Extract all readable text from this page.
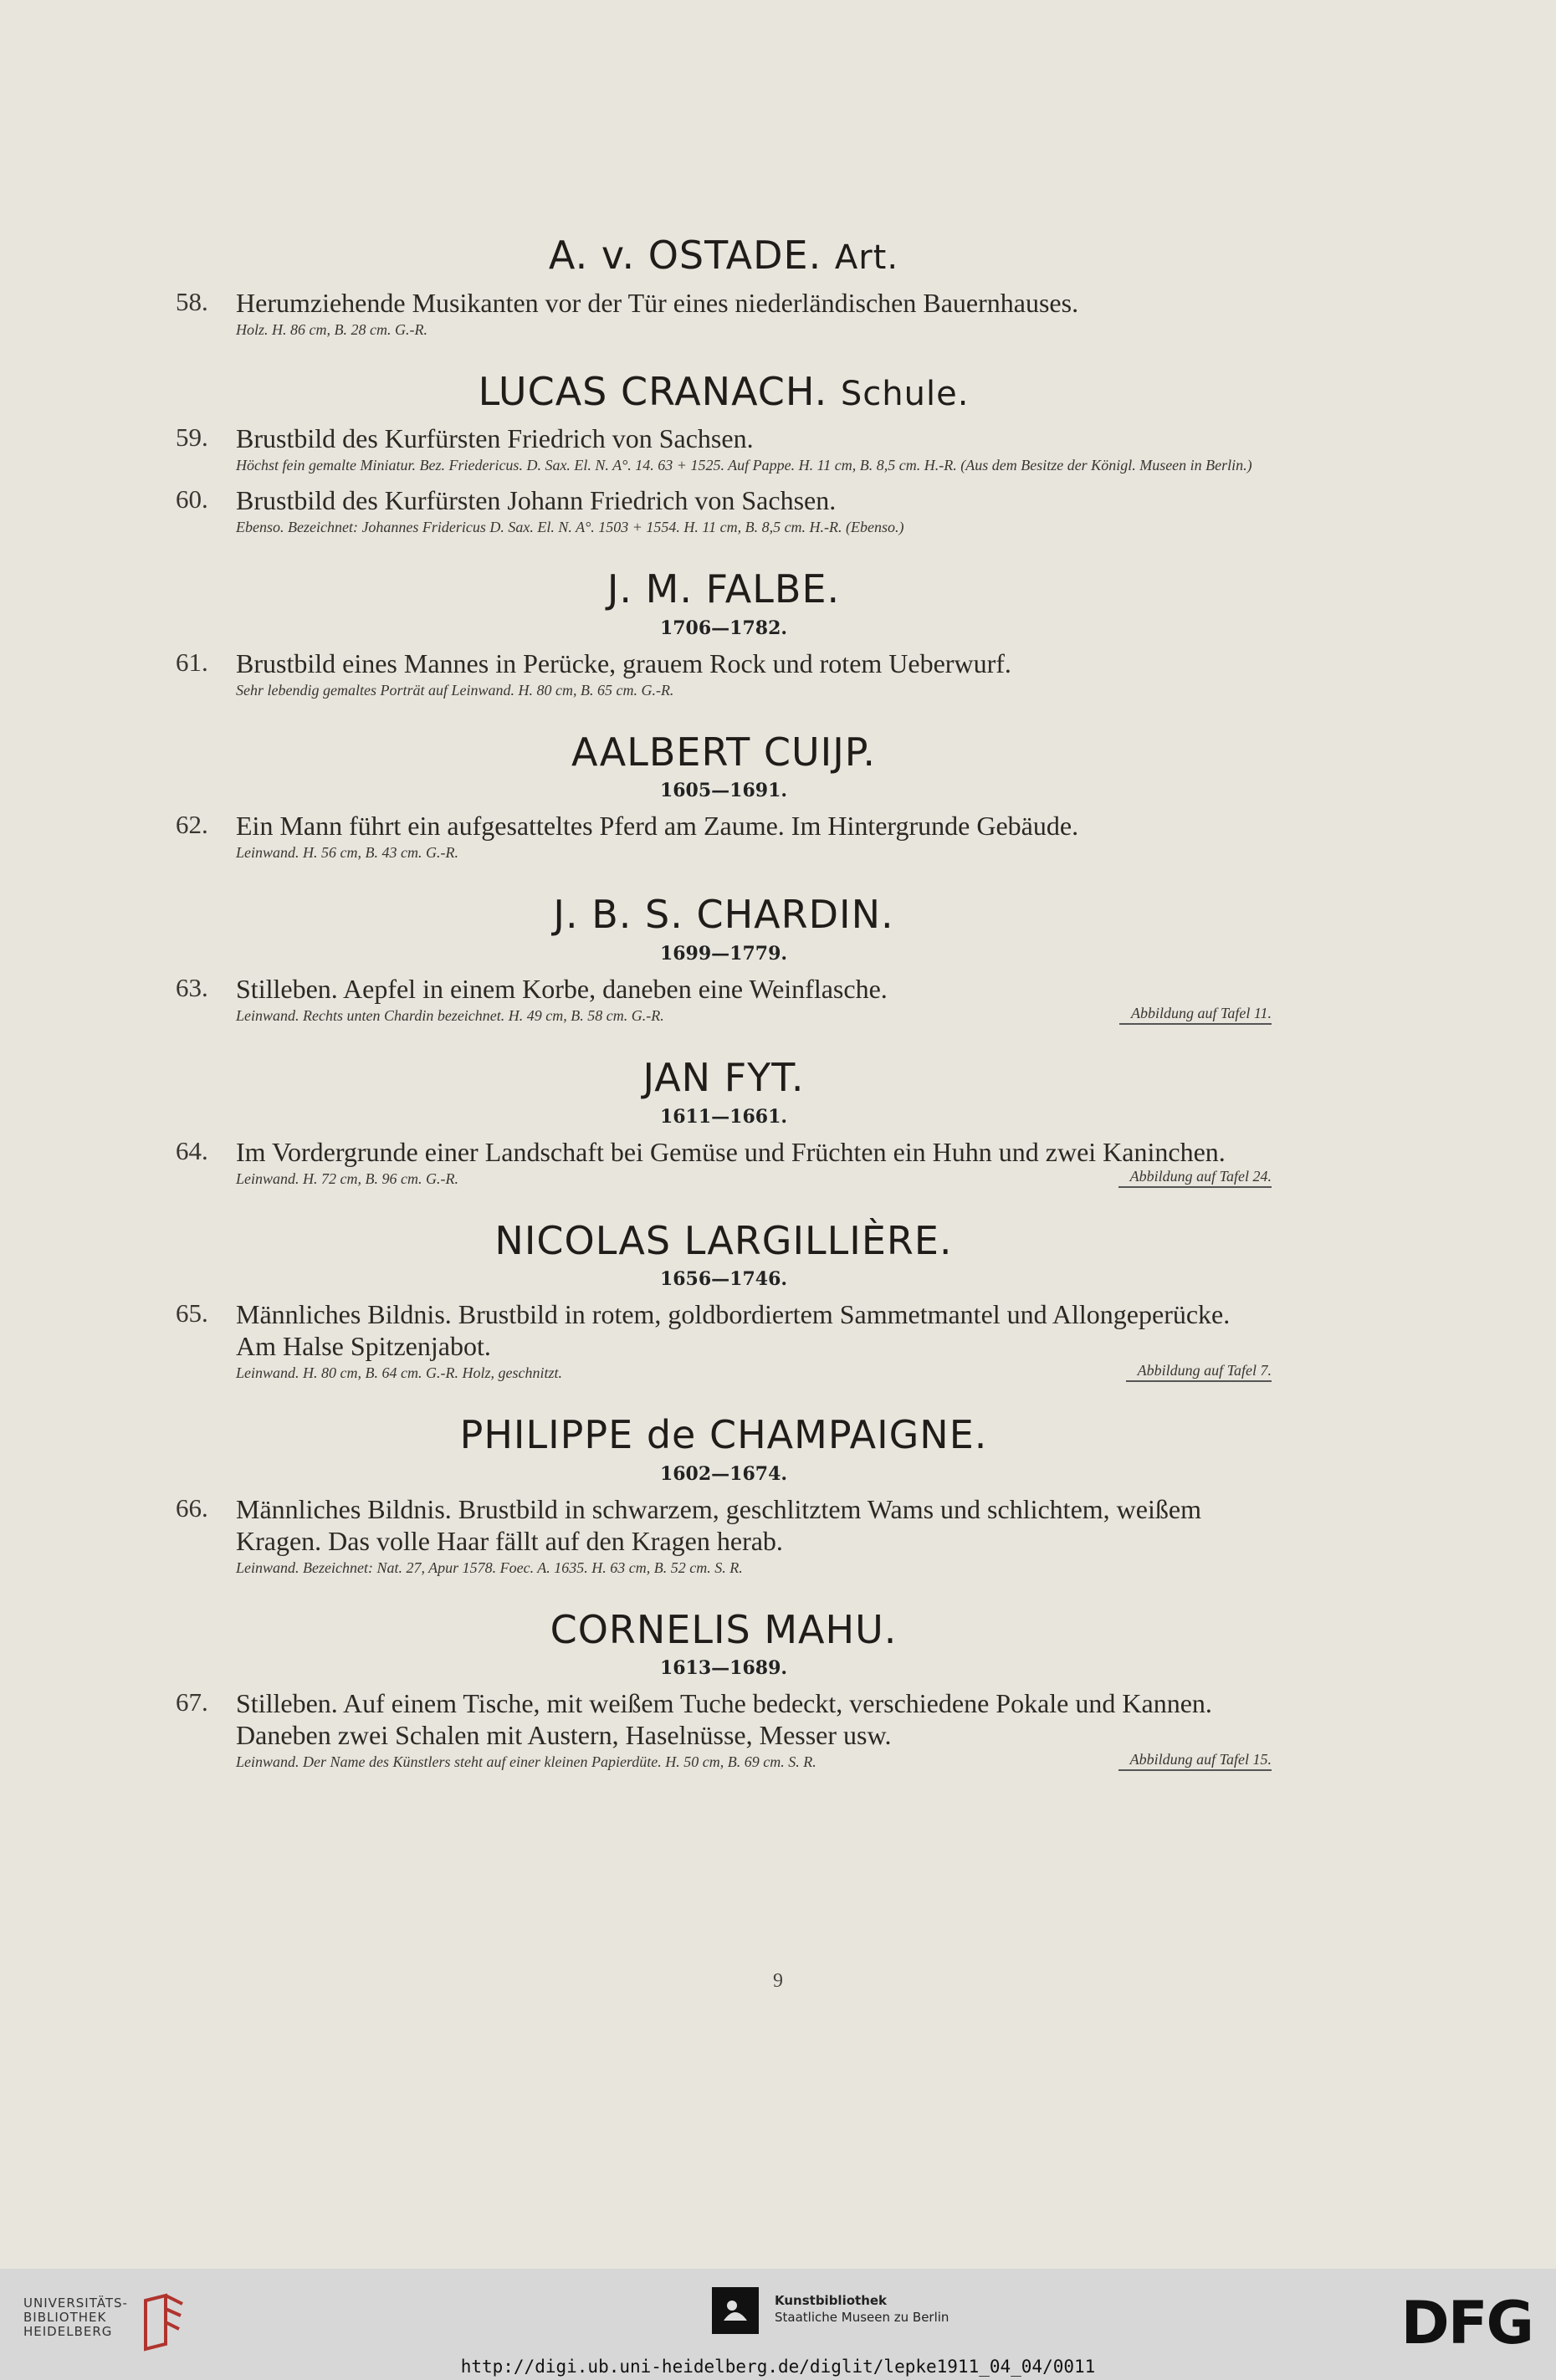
A. v. OSTADE. Art.
58. Herumziehende Musikanten vor der Tür eines niederländischen Bauernhauses.
Holz. H. 86 cm, B. 28 cm. G.-R.
LUCAS CRANACH. Schule.
59. Brustbild des Kurfürsten Friedrich von Sachsen.
Höchst fein gemalte Miniatur. Bez. Friedericus. D. Sax. El. N. A°. 14. 63 + 1525. Auf Pappe. H. 11 cm, B. 8,5 cm. H.-R. (Aus dem Besitze der Königl. Museen in Berlin.)
60. Brustbild des Kurfürsten Johann Friedrich von Sachsen.
Ebenso. Bezeichnet: Johannes Fridericus D. Sax. El. N. A°. 1503 + 1554. H. 11 cm, B. 8,5 cm. H.-R. (Ebenso.)
J. M. FALBE.
1706—1782.
61. Brustbild eines Mannes in Perücke, grauem Rock und rotem Ueberwurf.
Sehr lebendig gemaltes Porträt auf Leinwand. H. 80 cm, B. 65 cm. G.-R.
AALBERT CUIJP.
1605—1691.
62. Ein Mann führt ein aufgesatteltes Pferd am Zaume. Im Hintergrunde Gebäude.
Leinwand. H. 56 cm, B. 43 cm. G.-R.
J. B. S. CHARDIN.
1699—1779.
63. Stilleben. Aepfel in einem Korbe, daneben eine Weinflasche.
Leinwand. Rechts unten Chardin bezeichnet. H. 49 cm, B. 58 cm. G.-R.	Abbildung auf Tafel 11.
JAN FYT.
1611—1661.
64. Im Vordergrunde einer Landschaft bei Gemüse und Früchten ein Huhn und zwei Kaninchen.
Leinwand. H. 72 cm, B. 96 cm. G.-R.	Abbildung auf Tafel 24.
NICOLAS LARGILLIÈRE.
1656—1746.
65. Männliches Bildnis. Brustbild in rotem, goldbordiertem Sammetmantel und Allongeperücke. Am Halse Spitzenjabot.
Leinwand. H. 80 cm, B. 64 cm. G.-R. Holz, geschnitzt.	Abbildung auf Tafel 7.
PHILIPPE de CHAMPAIGNE.
1602—1674.
66. Männliches Bildnis. Brustbild in schwarzem, geschlitztem Wams und schlichtem, weißem Kragen. Das volle Haar fällt auf den Kragen herab.
Leinwand. Bezeichnet: Nat. 27, Apur 1578. Foec. A. 1635. H. 63 cm, B. 52 cm. S. R.
CORNELIS MAHU.
1613—1689.
67. Stilleben. Auf einem Tische, mit weißem Tuche bedeckt, verschiedene Pokale und Kannen. Daneben zwei Schalen mit Austern, Haselnüsse, Messer usw.
Leinwand. Der Name des Künstlers steht auf einer kleinen Papierdüte. H. 50 cm, B. 69 cm. S. R.	Abbildung auf Tafel 15.
9
UNIVERSITÄTS-
BIBLIOTHEK
HEIDELBERG
Kunstbibliothek
Staatliche Museen zu Berlin	DFG
http://digi.ub.uni-heidelberg.de/diglit/lepke1911_04_04/0011
